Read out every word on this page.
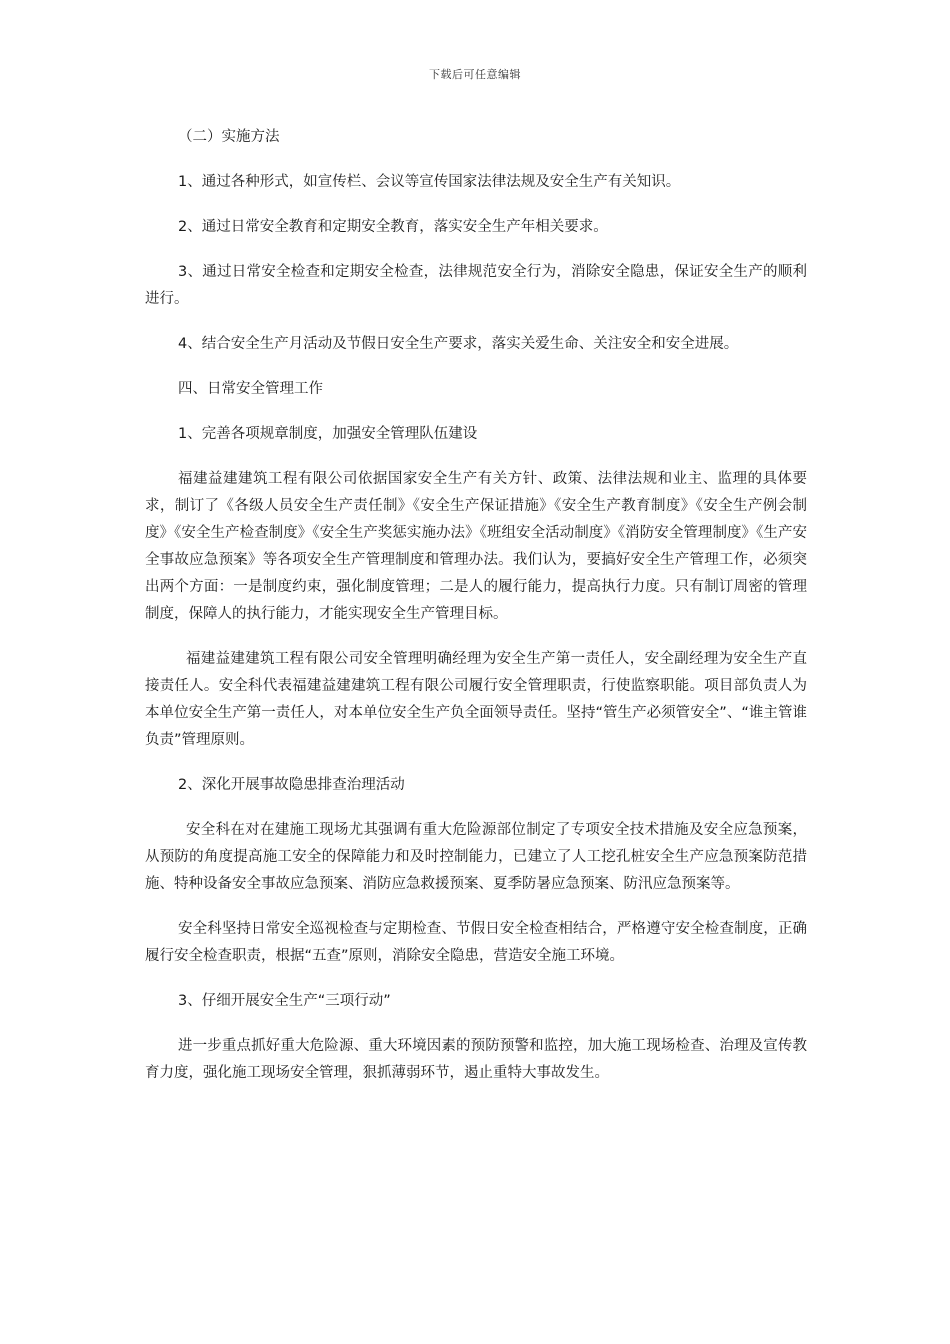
下载后可任意编辑

（二）实施方法

1、通过各种形式，如宣传栏、会议等宣传国家法律法规及安全生产有关知识。

2、通过日常安全教育和定期安全教育，落实安全生产年相关要求。

3、通过日常安全检查和定期安全检查，法律规范安全行为，消除安全隐患，保证安全生产的顺利进行。

4、结合安全生产月活动及节假日安全生产要求，落实关爱生命、关注安全和安全进展。

四、日常安全管理工作

1、完善各项规章制度，加强安全管理队伍建设

福建益建建筑工程有限公司依据国家安全生产有关方针、政策、法律法规和业主、监理的具体要求，制订了《各级人员安全生产责任制》《安全生产保证措施》《安全生产教育制度》《安全生产例会制度》《安全生产检查制度》《安全生产奖惩实施办法》《班组安全活动制度》《消防安全管理制度》《生产安全事故应急预案》等各项安全生产管理制度和管理办法。我们认为，要搞好安全生产管理工作，必须突出两个方面：一是制度约束，强化制度管理；二是人的履行能力，提高执行力度。只有制订周密的管理制度，保障人的执行能力，才能实现安全生产管理目标。

福建益建建筑工程有限公司安全管理明确经理为安全生产第一责任人，安全副经理为安全生产直接责任人。安全科代表福建益建建筑工程有限公司履行安全管理职责，行使监察职能。项目部负责人为本单位安全生产第一责任人，对本单位安全生产负全面领导责任。坚持“管生产必须管安全”、“谁主管谁负责”管理原则。

2、深化开展事故隐患排查治理活动

安全科在对在建施工现场尤其强调有重大危险源部位制定了专项安全技术措施及安全应急预案，从预防的角度提高施工安全的保障能力和及时控制能力，已建立了人工挖孔桩安全生产应急预案防范措施、特种设备安全事故应急预案、消防应急救援预案、夏季防暑应急预案、防汛应急预案等。

安全科坚持日常安全巡视检查与定期检查、节假日安全检查相结合，严格遵守安全检查制度，正确履行安全检查职责，根据“五查”原则，消除安全隐患，营造安全施工环境。

3、仔细开展安全生产“三项行动”

进一步重点抓好重大危险源、重大环境因素的预防预警和监控，加大施工现场检查、治理及宣传教育力度，强化施工现场安全管理，狠抓薄弱环节，遏止重特大事故发生。
